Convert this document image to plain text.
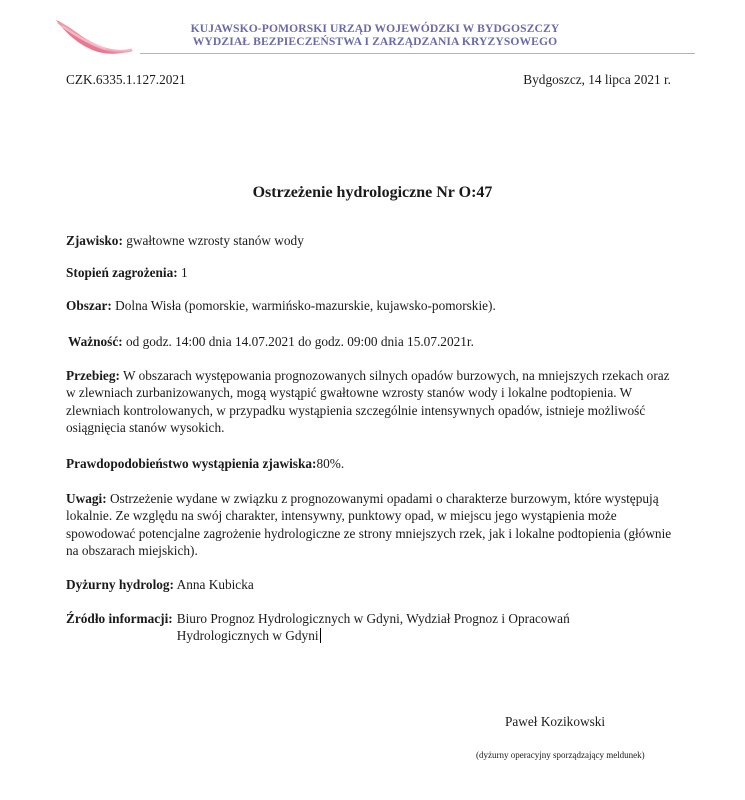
KUJAWSKO-POMORSKI URZĄD WOJEWÓDZKI W BYDGOSZCZY
WYDZIAŁ BEZPIECZEŃSTWA I ZARZĄDZANIA KRYZYSOWEGO
CZK.6335.1.127.2021	Bydgoszcz, 14 lipca 2021 r.
Ostrzeżenie hydrologiczne Nr O:47
Zjawisko: gwałtowne wzrosty stanów wody
Stopień zagrożenia: 1
Obszar: Dolna Wisła (pomorskie, warmińsko-mazurskie, kujawsko-pomorskie).
Ważność: od godz. 14:00 dnia 14.07.2021 do godz. 09:00 dnia 15.07.2021r.
Przebieg: W obszarach występowania prognozowanych silnych opadów burzowych, na mniejszych rzekach oraz w zlewniach zurbanizowanych, mogą wystąpić gwałtowne wzrosty stanów wody i lokalne podtopienia. W zlewniach kontrolowanych, w przypadku wystąpienia szczególnie intensywnych opadów, istnieje możliwość osiągnięcia stanów wysokich.
Prawdopodobieństwo wystąpienia zjawiska:80%.
Uwagi: Ostrzeżenie wydane w związku z prognozowanymi opadami o charakterze burzowym, które występują lokalnie. Ze względu na swój charakter, intensywny, punktowy opad, w miejscu jego wystąpienia może spowodować potencjalne zagrożenie hydrologiczne ze strony mniejszych rzek, jak i lokalne podtopienia (głównie na obszarach miejskich).
Dyżurny hydrolog: Anna Kubicka
Źródło informacji: Biuro Prognoz Hydrologicznych w Gdyni, Wydział Prognoz i Opracowań Hydrologicznych w Gdyni
Paweł Kozikowski
(dyżurny operacyjny sporządzający meldunek)
